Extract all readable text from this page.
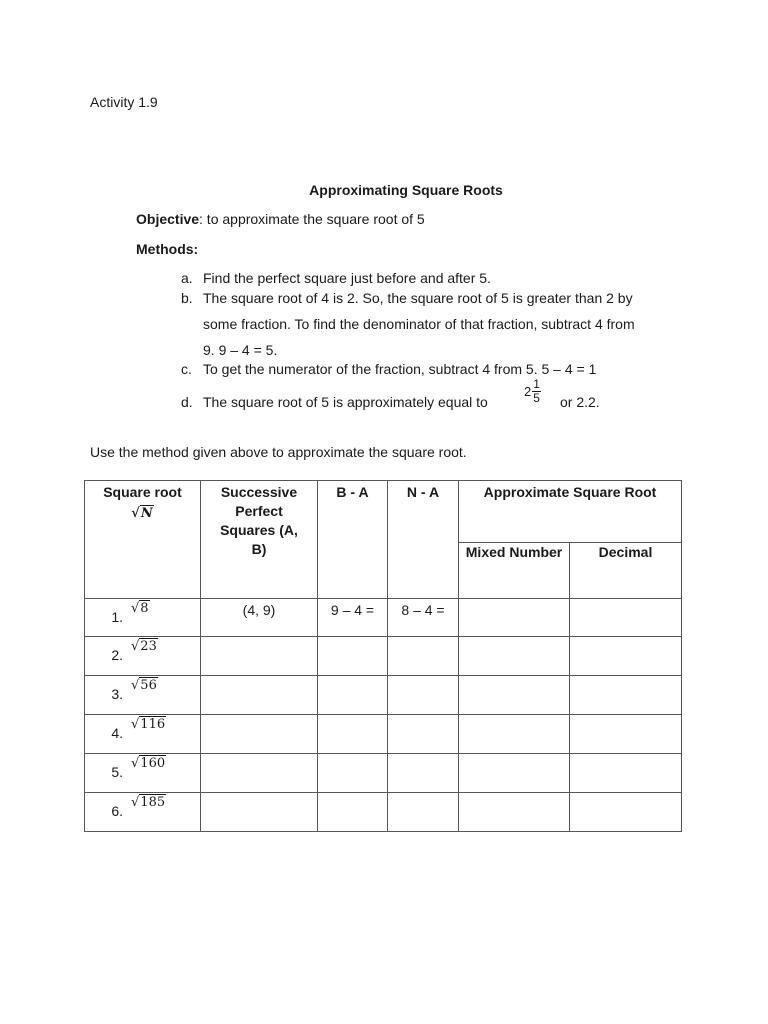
Activity 1.9
Approximating Square Roots
Objective: to approximate the square root of 5
Methods:
a. Find the perfect square just before and after 5.
b. The square root of 4 is 2. So, the square root of 5 is greater than 2 by
some fraction. To find the denominator of that fraction, subtract 4 from
9. 9 – 4 = 5.
c. To get the numerator of the fraction, subtract 4 from 5. 5 – 4 = 1
d. The square root of 5 is approximately equal to
$2 \frac{1}{5}$ or 2.2.
Use the method given above to approximate the square root.
Square root
√N	Successive Perfect Squares (A, B)	B - A	N - A	Approximate Square Root	
				Mixed Number	Decimal
1.√8	(4, 9)	9 – 4 =	8 – 4 =		
2.√23					
3.√56					
4.√116					
5.√160					
6.√185					
